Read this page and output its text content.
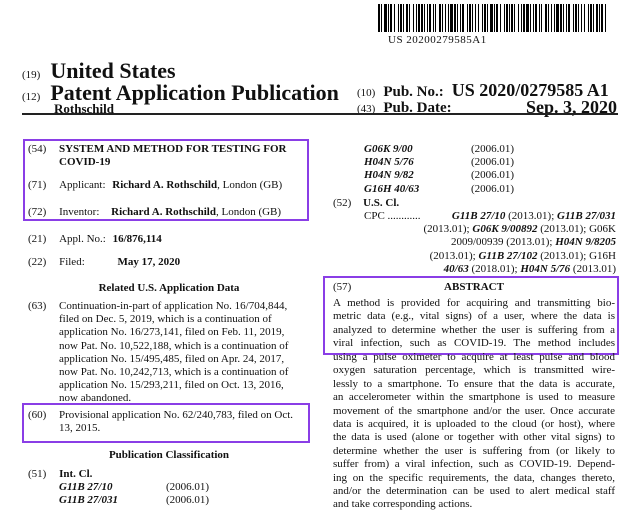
US 20200279585A1
(19) United States
(12) Patent Application Publication
Rothschild
(10) Pub. No.: US 2020/0279585 A1
(43) Pub. Date:	Sep. 3, 2020
(54) SYSTEM AND METHOD FOR TESTING FOR COVID-19
(71) Applicant: Richard A. Rothschild, London (GB)
(72) Inventor: Richard A. Rothschild, London (GB)
(21) Appl. No.: 16/876,114
(22) Filed:	May 17, 2020
Related U.S. Application Data
(63) Continuation-in-part of application No. 16/704,844,
filed on Dec. 5, 2019, which is a continuation of
application No. 16/273,141, filed on Feb. 11, 2019,
now Pat. No. 10,522,188, which is a continuation of
application No. 15/495,485, filed on Apr. 24, 2017,
now Pat. No. 10,242,713, which is a continuation of
application No. 15/293,211, filed on Oct. 13, 2016,
now abandoned.
(60) Provisional application No. 62/240,783, filed on Oct.
13, 2015.
Publication Classification
(51) Int. Cl.
G11B 27/10	(2006.01)
G11B 27/031	(2006.01)
G06K 9/00	(2006.01)
H04N 5/76	(2006.01)
H04N 9/82	(2006.01)
G16H 40/63	(2006.01)
(52) U.S. Cl.
CPC ............	G11B 27/10 (2013.01); G11B 27/031
(2013.01); G06K 9/00892 (2013.01); G06K
2009/00939 (2013.01); H04N 9/8205
(2013.01); G11B 27/102 (2013.01); G16H
40/63 (2018.01); H04N 5/76 (2013.01)
(57)	ABSTRACT
A method is provided for acquiring and transmitting bio-
metric data (e.g., vital signs) of a user, where the data is
analyzed to determine whether the user is suffering from a
viral infection, such as COVID-19. The method includes
using a pulse oximeter to acquire at least pulse and blood
oxygen saturation percentage, which is transmitted wire-
lessly to a smartphone. To ensure that the data is accurate,
an accelerometer within the smartphone is used to measure
movement of the smartphone and/or the user. Once accurate
data is acquired, it is uploaded to the cloud (or host), where
the data is used (alone or together with other vital signs) to
determine whether the user is suffering from (or likely to
suffer from) a viral infection, such as COVID-19. Depend-
ing on the specific requirements, the data, changes thereto,
and/or the determination can be used to alert medical staff
and take corresponding actions.
